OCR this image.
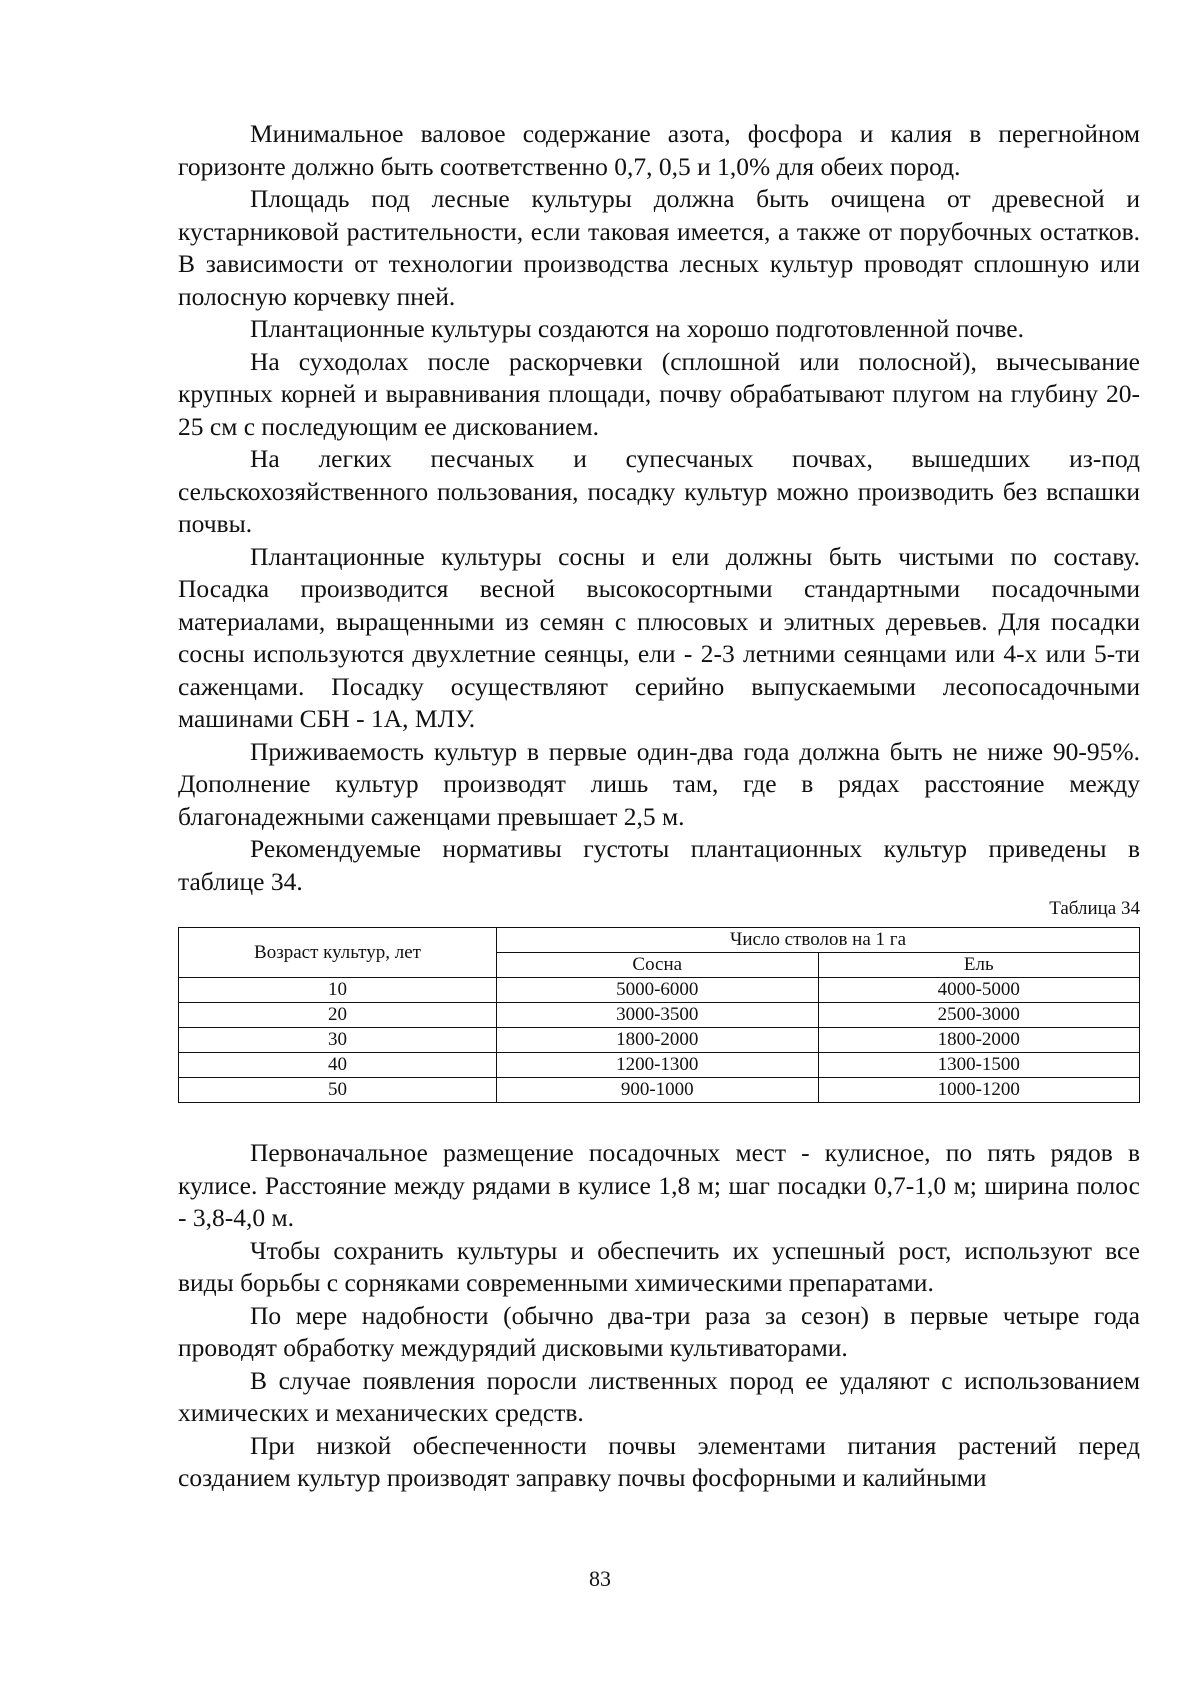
Минимальное валовое содержание азота, фосфора и калия в перегнойном горизонте должно быть соответственно 0,7, 0,5 и 1,0% для обеих пород.

Площадь под лесные культуры должна быть очищена от древесной и кустарниковой растительности, если таковая имеется, а также от порубочных остатков. В зависимости от технологии производства лесных культур проводят сплошную или полосную корчевку пней.

Плантационные культуры создаются на хорошо подготовленной почве.

На суходолах после раскорчевки (сплошной или полосной), вычесывание крупных корней и выравнивания площади, почву обрабатывают плугом на глубину 20-25 см с последующим ее дискованием.

На легких песчаных и супесчаных почвах, вышедших из-под сельскохозяйственного пользования, посадку культур можно производить без вспашки почвы.

Плантационные культуры сосны и ели должны быть чистыми по составу. Посадка производится весной высокосортными стандартными посадочными материалами, выращенными из семян с плюсовых и элитных деревьев. Для посадки сосны используются двухлетние сеянцы, ели - 2-3 летними сеянцами или 4-х или 5-ти саженцами. Посадку осуществляют серийно выпускаемыми лесопосадочными машинами СБН - 1А, МЛУ.

Приживаемость культур в первые один-два года должна быть не ниже 90-95%. Дополнение культур производят лишь там, где в рядах расстояние между благонадежными саженцами превышает 2,5 м.

Рекомендуемые нормативы густоты плантационных культур приведены в таблице 34.

Таблица 34

Возраст культур, лет	Число стволов на 1 га	
	Сосна	Ель
10	5000-6000	4000-5000
20	3000-3500	2500-3000
30	1800-2000	1800-2000
40	1200-1300	1300-1500
50	900-1000	1000-1200

Первоначальное размещение посадочных мест - кулисное, по пять рядов в кулисе. Расстояние между рядами в кулисе 1,8 м; шаг посадки 0,7-1,0 м; ширина полос - 3,8-4,0 м.

Чтобы сохранить культуры и обеспечить их успешный рост, используют все виды борьбы с сорняками современными химическими препаратами.

По мере надобности (обычно два-три раза за сезон) в первые четыре года проводят обработку междурядий дисковыми культиваторами.

В случае появления поросли лиственных пород ее удаляют с использованием химических и механических средств.

При низкой обеспеченности почвы элементами питания растений перед созданием культур производят заправку почвы фосфорными и калийными

83
